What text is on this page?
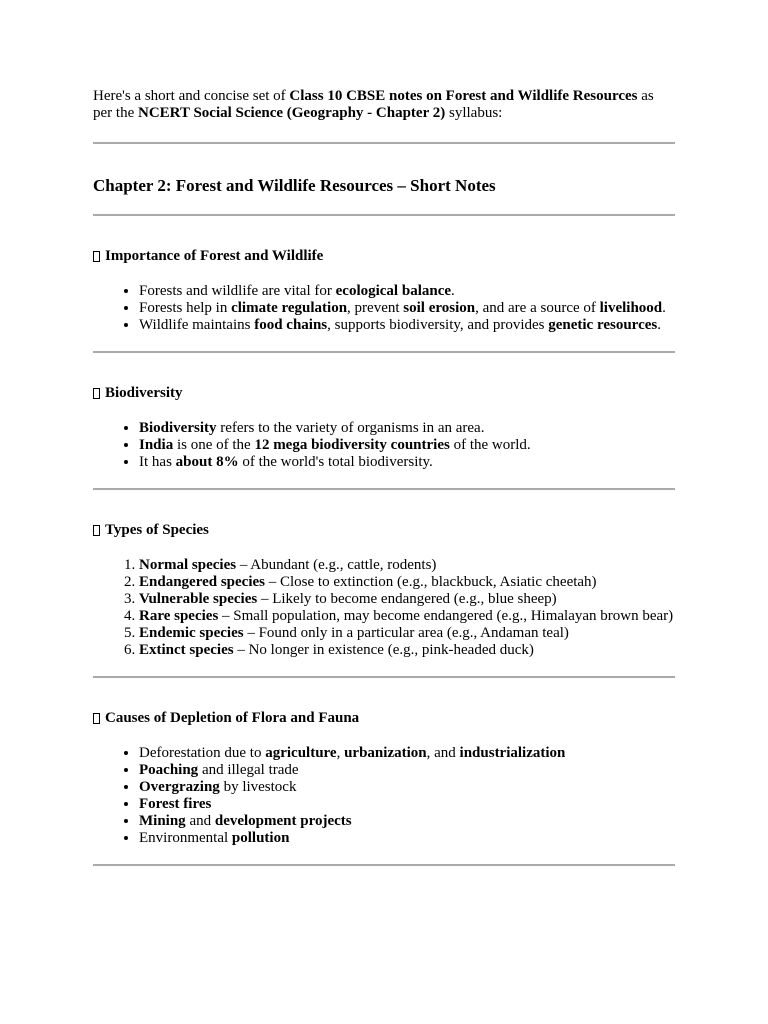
Here's a short and concise set of Class 10 CBSE notes on Forest and Wildlife Resources as per the NCERT Social Science (Geography - Chapter 2) syllabus:

Chapter 2: Forest and Wildlife Resources – Short Notes
Importance of Forest and Wildlife
• Forests and wildlife are vital for ecological balance.
• Forests help in climate regulation, prevent soil erosion, and are a source of livelihood.
• Wildlife maintains food chains, supports biodiversity, and provides genetic resources.
Biodiversity
• Biodiversity refers to the variety of organisms in an area.
• India is one of the 12 mega biodiversity countries of the world.
• It has about 8% of the world's total biodiversity.
Types of Species
1. Normal species – Abundant (e.g., cattle, rodents)
2. Endangered species – Close to extinction (e.g., blackbuck, Asiatic cheetah)
3. Vulnerable species – Likely to become endangered (e.g., blue sheep)
4. Rare species – Small population, may become endangered (e.g., Himalayan brown bear)
5. Endemic species – Found only in a particular area (e.g., Andaman teal)
6. Extinct species – No longer in existence (e.g., pink-headed duck)
Causes of Depletion of Flora and Fauna
• Deforestation due to agriculture, urbanization, and industrialization
• Poaching and illegal trade
• Overgrazing by livestock
• Forest fires
• Mining and development projects
• Environmental pollution
